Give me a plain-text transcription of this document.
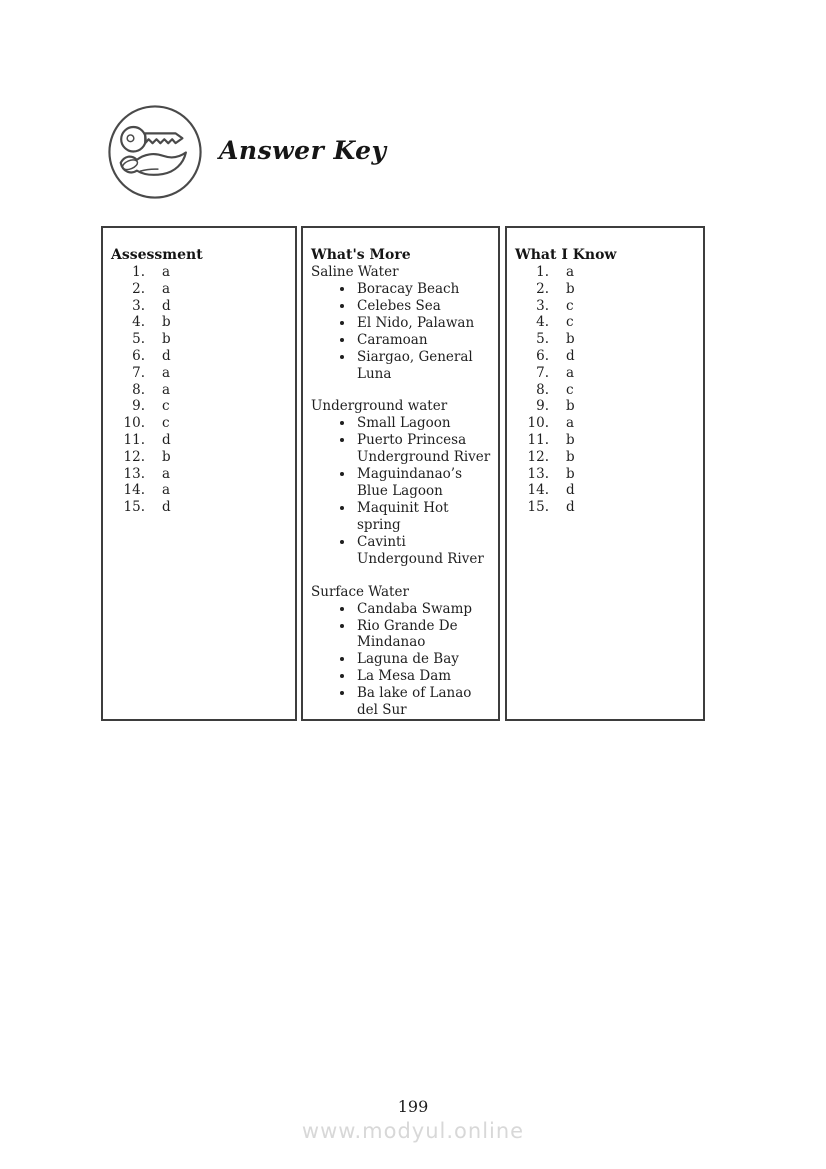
Answer Key
Assessment
1. a
2. a
3. d
4. b
5. b
6. d
7. a
8. a
9. c
10. c
11. d
12. b
13. a
14. a
15. d
What's More
Saline Water
• Boracay Beach
• Celebes Sea
• El Nido, Palawan
• Caramoan
• Siargao, General Luna
Underground water
• Small Lagoon
• Puerto Princesa Underground River
• Maguindanao’s Blue Lagoon
• Maquinit Hot spring
• Cavinti Undergound River
Surface Water
• Candaba Swamp
• Rio Grande De Mindanao
• Laguna de Bay
• La Mesa Dam
• Ba lake of Lanao del Sur
What I Know
1. a
2. b
3. c
4. c
5. b
6. d
7. a
8. c
9. b
10. a
11. b
12. b
13. b
14. d
15. d
199
www.modyul.online
